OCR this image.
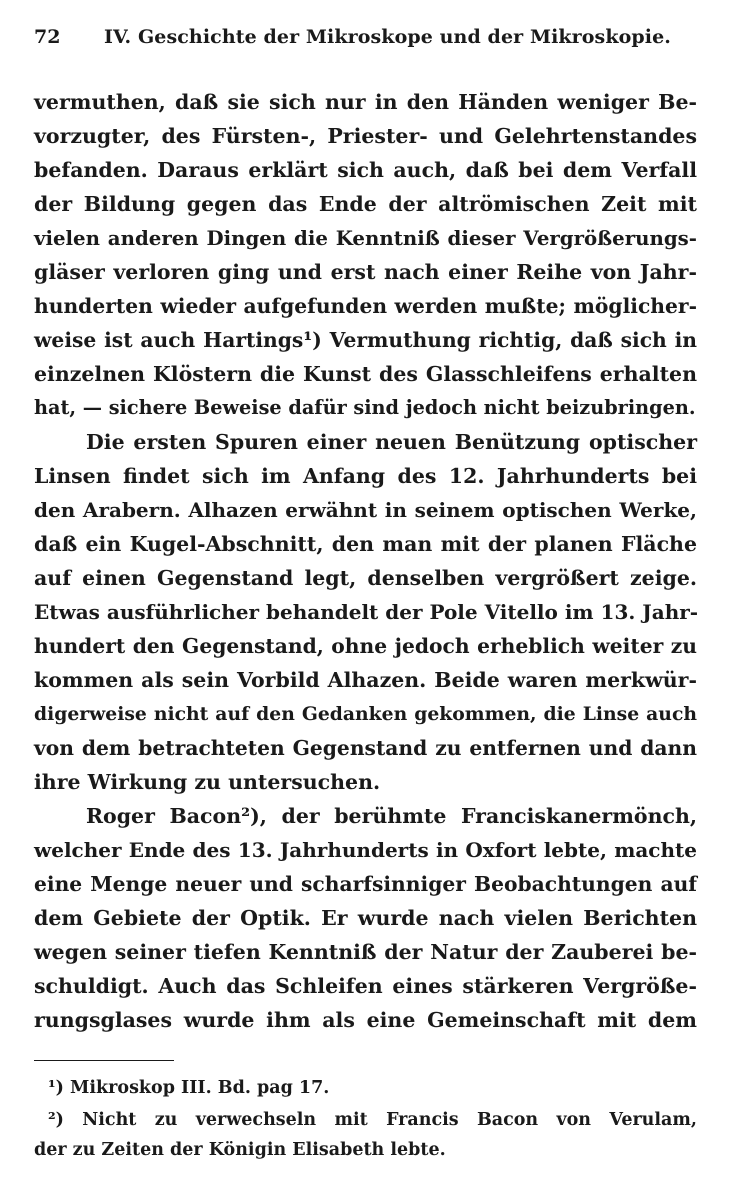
72 IV. Geschichte der Mikroskope und der Mikroskopie.
vermuthen, daß sie sich nur in den Händen weniger Be-
vorzugter, des Fürsten-, Priester- und Gelehrtenstandes
befanden. Daraus erklärt sich auch, daß bei dem Verfall
der Bildung gegen das Ende der altrömischen Zeit mit
vielen anderen Dingen die Kenntniß dieser Vergrößerungs-
gläser verloren ging und erst nach einer Reihe von Jahr-
hunderten wieder aufgefunden werden mußte; möglicher-
weise ist auch Hartings¹) Vermuthung richtig, daß sich in
einzelnen Klöstern die Kunst des Glasschleifens erhalten
hat, — sichere Beweise dafür sind jedoch nicht beizubringen.
Die ersten Spuren einer neuen Benützung optischer
Linsen findet sich im Anfang des 12. Jahrhunderts bei
den Arabern. Alhazen erwähnt in seinem optischen Werke,
daß ein Kugel-Abschnitt, den man mit der planen Fläche
auf einen Gegenstand legt, denselben vergrößert zeige.
Etwas ausführlicher behandelt der Pole Vitello im 13. Jahr-
hundert den Gegenstand, ohne jedoch erheblich weiter zu
kommen als sein Vorbild Alhazen. Beide waren merkwür-
digerweise nicht auf den Gedanken gekommen, die Linse auch
von dem betrachteten Gegenstand zu entfernen und dann
ihre Wirkung zu untersuchen.
Roger Bacon²), der berühmte Franciskanermönch,
welcher Ende des 13. Jahrhunderts in Oxfort lebte, machte
eine Menge neuer und scharfsinniger Beobachtungen auf
dem Gebiete der Optik. Er wurde nach vielen Berichten
wegen seiner tiefen Kenntniß der Natur der Zauberei be-
schuldigt. Auch das Schleifen eines stärkeren Vergröße-
rungsglases wurde ihm als eine Gemeinschaft mit dem
¹) Mikroskop III. Bd. pag 17.
²) Nicht zu verwechseln mit Francis Bacon von Verulam,
der zu Zeiten der Königin Elisabeth lebte.
